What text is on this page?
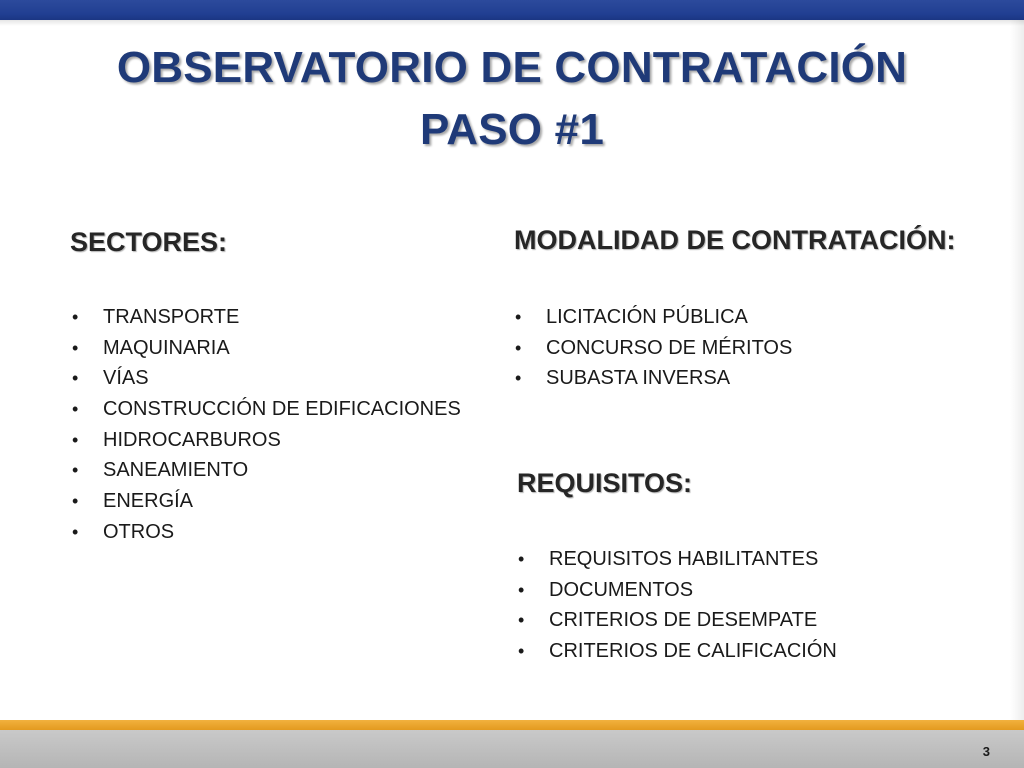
OBSERVATORIO DE CONTRATACIÓN
PASO #1
SECTORES:
• TRANSPORTE
• MAQUINARIA
• VÍAS
• CONSTRUCCIÓN DE EDIFICACIONES
• HIDROCARBUROS
• SANEAMIENTO
• ENERGÍA
• OTROS
MODALIDAD DE CONTRATACIÓN:
• LICITACIÓN PÚBLICA
• CONCURSO DE MÉRITOS
• SUBASTA INVERSA
REQUISITOS:
• REQUISITOS HABILITANTES
• DOCUMENTOS
• CRITERIOS DE DESEMPATE
• CRITERIOS DE CALIFICACIÓN
3
